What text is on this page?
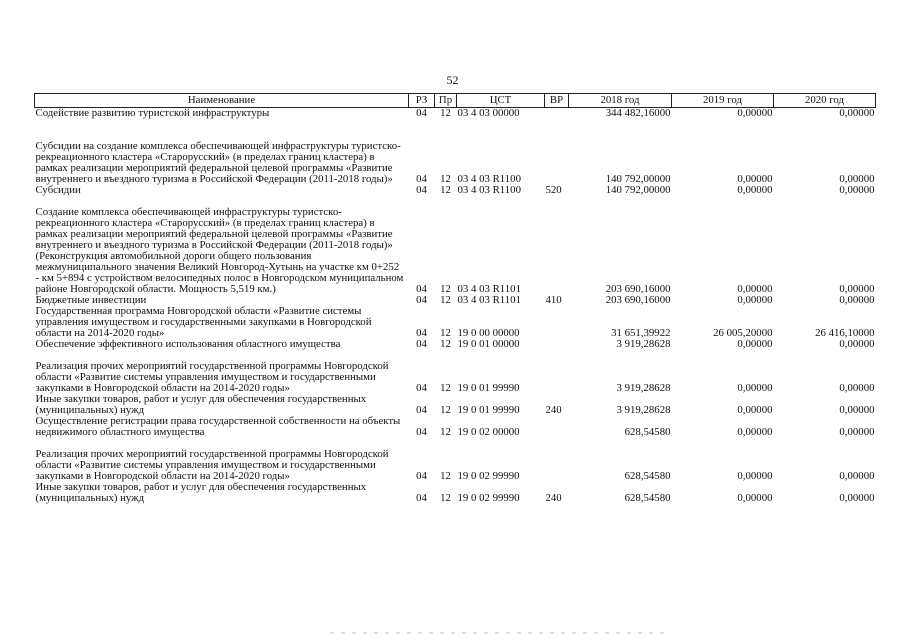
52
Наименование	РЗ	Пр	ЦСТ	ВР	2018 год	2019 год	2020 год
Содействие развитию туристской инфраструктуры	04	12	03 4 03 00000		344 482,16000	0,00000	0,00000
Субсидии на создание комплекса обеспечивающей инфраструктуры туристско-рекреационного кластера «Старорусский» (в пределах границ кластера) в рамках реализации мероприятий федеральной целевой программы «Развитие внутреннего и въездного туризма в Российской Федерации (2011-2018 годы)»	04	12	03 4 03 R1100		140 792,00000	0,00000	0,00000
Субсидии	04	12	03 4 03 R1100	520	140 792,00000	0,00000	0,00000
Создание комплекса обеспечивающей инфраструктуры туристско-рекреационного кластера «Старорусский» (в пределах границ кластера) в рамках реализации мероприятий федеральной целевой программы «Развитие внутреннего и въездного туризма в Российской Федерации (2011-2018 годы)» (Реконструкция автомобильной дороги общего пользования межмуниципального значения Великий Новгород-Хутынь на участке км 0+252 - км 5+894 с устройством велосипедных полос в Новгородском муниципальном районе Новгородской области. Мощность 5,519 км.)	04	12	03 4 03 R1101		203 690,16000	0,00000	0,00000
Бюджетные инвестиции	04	12	03 4 03 R1101	410	203 690,16000	0,00000	0,00000
Государственная программа Новгородской области «Развитие системы управления имуществом и государственными закупками в Новгородской области на 2014-2020 годы»	04	12	19 0 00 00000		31 651,39922	26 005,20000	26 416,10000
Обеспечение эффективного использования областного имущества	04	12	19 0 01 00000		3 919,28628	0,00000	0,00000
Реализация прочих мероприятий государственной программы Новгородской области «Развитие системы управления имуществом и государственными закупками в Новгородской области на 2014-2020 годы»	04	12	19 0 01 99990		3 919,28628	0,00000	0,00000
Иные закупки товаров, работ и услуг для обеспечения государственных (муниципальных) нужд	04	12	19 0 01 99990	240	3 919,28628	0,00000	0,00000
Осуществление регистрации права государственной собственности на объекты недвижимого областного имущества	04	12	19 0 02 00000		628,54580	0,00000	0,00000
Реализация прочих мероприятий государственной программы Новгородской области «Развитие системы управления имуществом и государственными закупками в Новгородской области на 2014-2020 годы»	04	12	19 0 02 99990		628,54580	0,00000	0,00000
Иные закупки товаров, работ и услуг для обеспечения государственных (муниципальных) нужд	04	12	19 0 02 99990	240	628,54580	0,00000	0,00000
